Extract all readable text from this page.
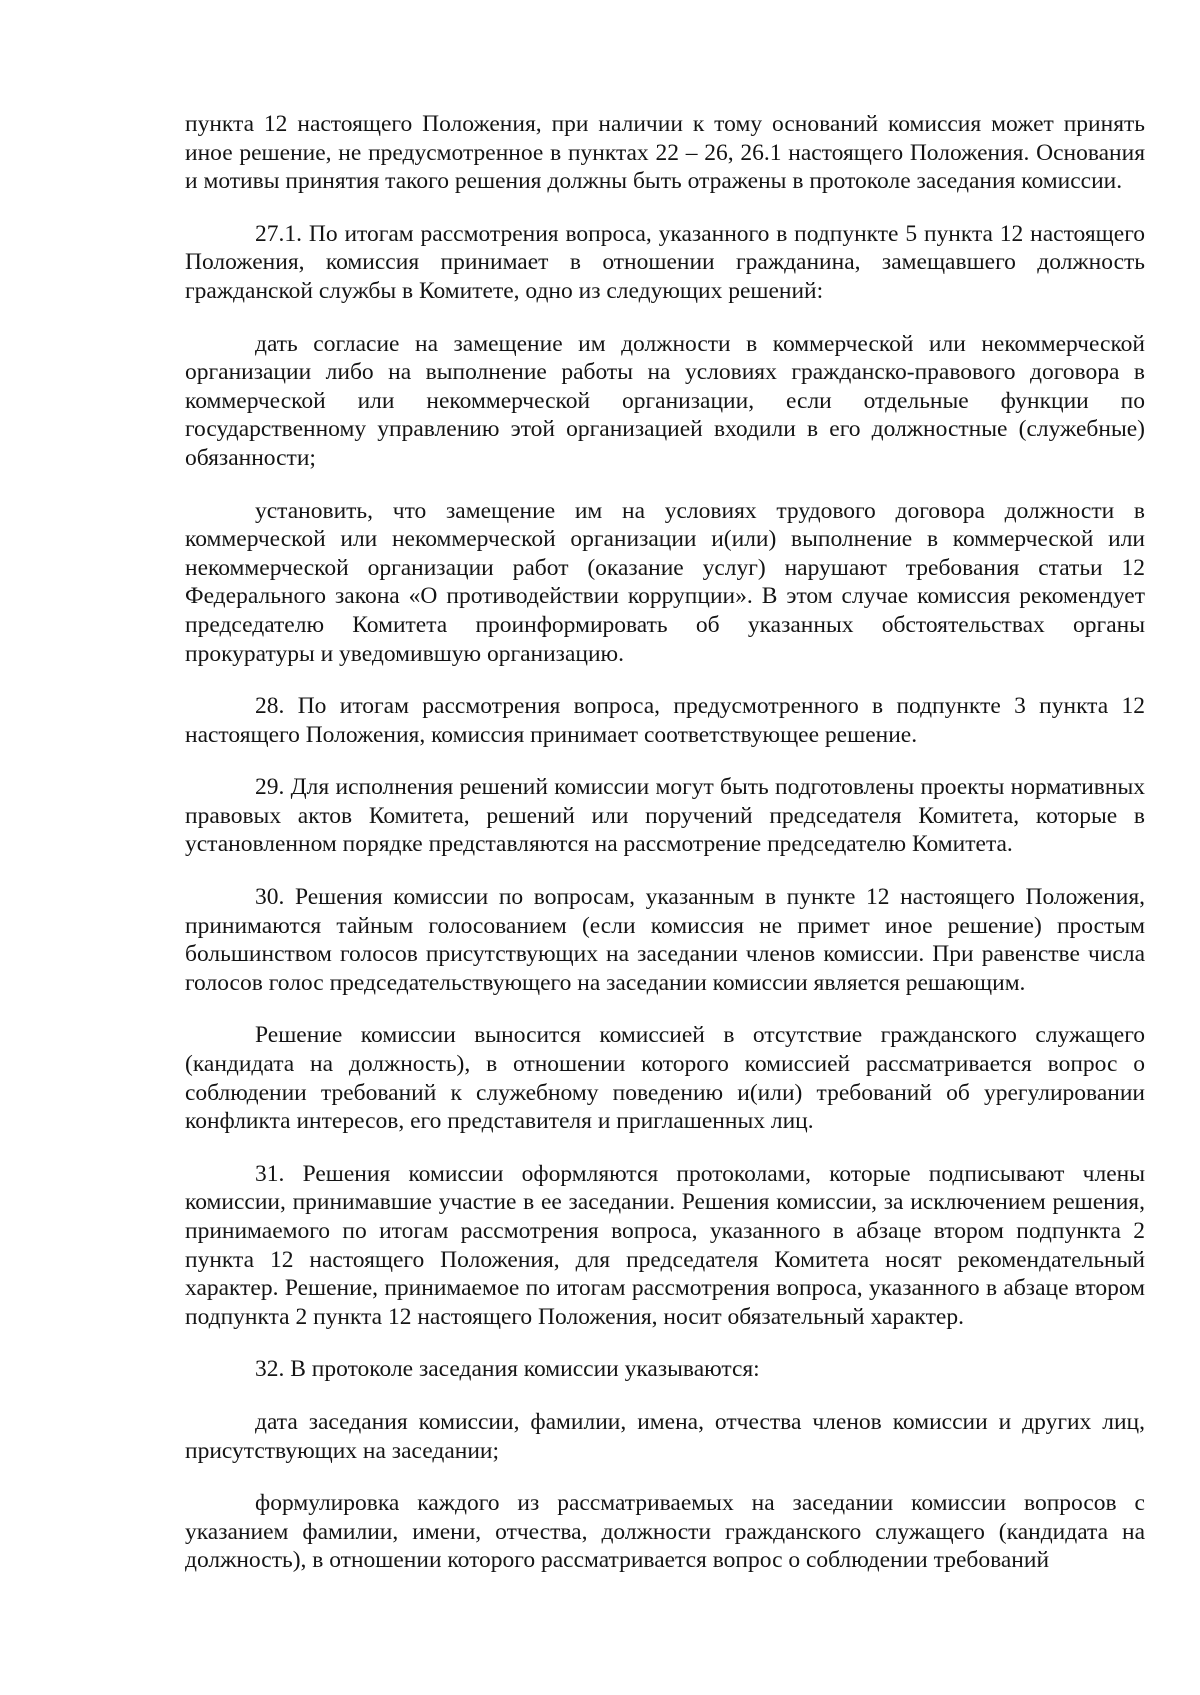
пункта 12 настоящего Положения, при наличии к тому оснований комиссия может принять иное решение, не предусмотренное в пунктах 22 – 26, 26.1 настоящего Положения. Основания и мотивы принятия такого решения должны быть отражены в протоколе заседания комиссии.

27.1. По итогам рассмотрения вопроса, указанного в подпункте 5 пункта 12 настоящего Положения, комиссия принимает в отношении гражданина, замещавшего должность гражданской службы в Комитете, одно из следующих решений:

дать согласие на замещение им должности в коммерческой или некоммерческой организации либо на выполнение работы на условиях гражданско-правового договора в коммерческой или некоммерческой организации, если отдельные функции по государственному управлению этой организацией входили в его должностные (служебные) обязанности;

установить, что замещение им на условиях трудового договора должности в коммерческой или некоммерческой организации и(или) выполнение в коммерческой или некоммерческой организации работ (оказание услуг) нарушают требования статьи 12 Федерального закона «О противодействии коррупции». В этом случае комиссия рекомендует председателю Комитета проинформировать об указанных обстоятельствах органы прокуратуры и уведомившую организацию.

28. По итогам рассмотрения вопроса, предусмотренного в подпункте 3 пункта 12 настоящего Положения, комиссия принимает соответствующее решение.

29. Для исполнения решений комиссии могут быть подготовлены проекты нормативных правовых актов Комитета, решений или поручений председателя Комитета, которые в установленном порядке представляются на рассмотрение председателю Комитета.

30. Решения комиссии по вопросам, указанным в пункте 12 настоящего Положения, принимаются тайным голосованием (если комиссия не примет иное решение) простым большинством голосов присутствующих на заседании членов комиссии. При равенстве числа голосов голос председательствующего на заседании комиссии является решающим.

Решение комиссии выносится комиссией в отсутствие гражданского служащего (кандидата на должность), в отношении которого комиссией рассматривается вопрос о соблюдении требований к служебному поведению и(или) требований об урегулировании конфликта интересов, его представителя и приглашенных лиц.

31. Решения комиссии оформляются протоколами, которые подписывают члены комиссии, принимавшие участие в ее заседании. Решения комиссии, за исключением решения, принимаемого по итогам рассмотрения вопроса, указанного в абзаце втором подпункта 2 пункта 12 настоящего Положения, для председателя Комитета носят рекомендательный характер. Решение, принимаемое по итогам рассмотрения вопроса, указанного в абзаце втором подпункта 2 пункта 12 настоящего Положения, носит обязательный характер.

32. В протоколе заседания комиссии указываются:

дата заседания комиссии, фамилии, имена, отчества членов комиссии и других лиц, присутствующих на заседании;

формулировка каждого из рассматриваемых на заседании комиссии вопросов с указанием фамилии, имени, отчества, должности гражданского служащего (кандидата на должность), в отношении которого рассматривается вопрос о соблюдении требований
